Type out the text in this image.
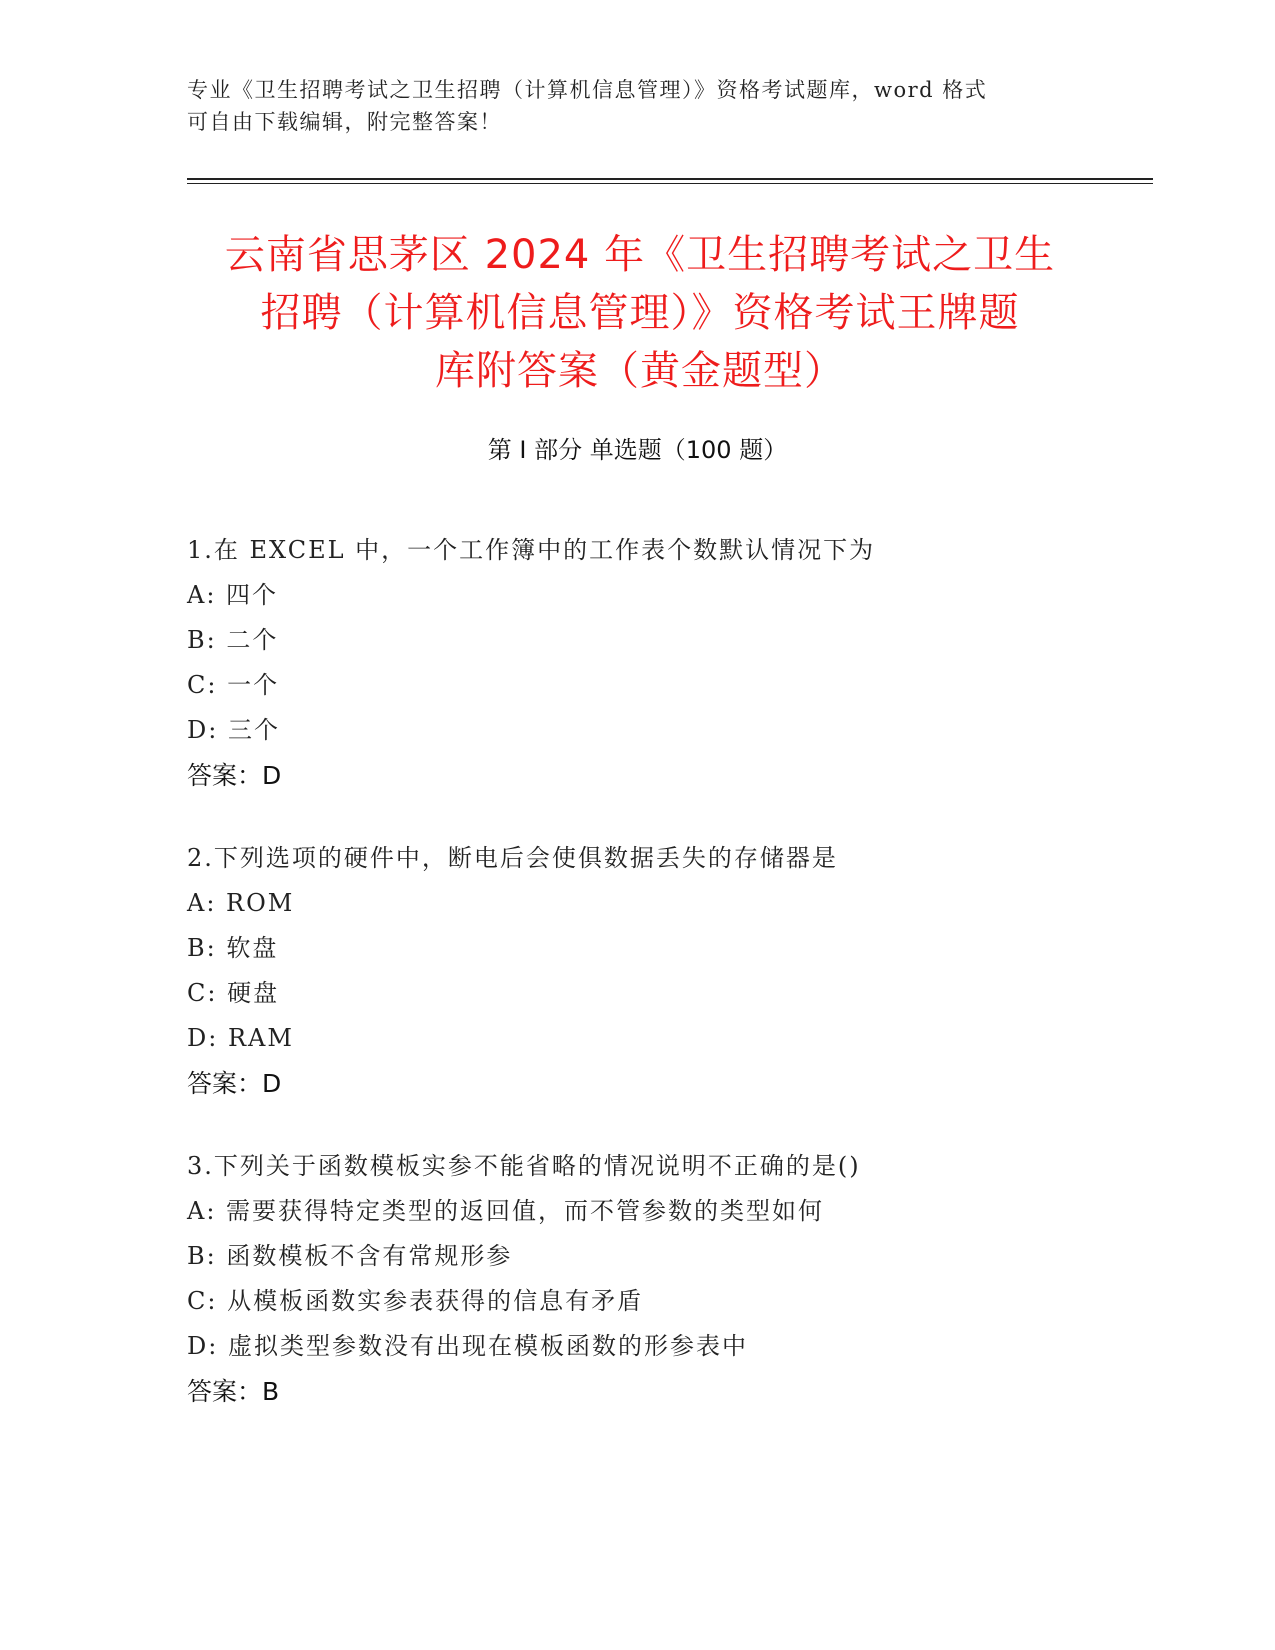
专业《卫生招聘考试之卫生招聘（计算机信息管理）》资格考试题库，word 格式
可自由下载编辑，附完整答案！
云南省思茅区 2024 年《卫生招聘考试之卫生
招聘（计算机信息管理）》资格考试王牌题
库附答案（黄金题型）
第 I 部分 单选题（100 题）
1.在 EXCEL 中，一个工作簿中的工作表个数默认情况下为
A: 四个
B: 二个
C: 一个
D: 三个
答案：D
2.下列选项的硬件中，断电后会使俱数据丢失的存储器是
A: ROM
B: 软盘
C: 硬盘
D: RAM
答案：D
3.下列关于函数模板实参不能省略的情况说明不正确的是()
A: 需要获得特定类型的返回值，而不管参数的类型如何
B: 函数模板不含有常规形参
C: 从模板函数实参表获得的信息有矛盾
D: 虚拟类型参数没有出现在模板函数的形参表中
答案：B
